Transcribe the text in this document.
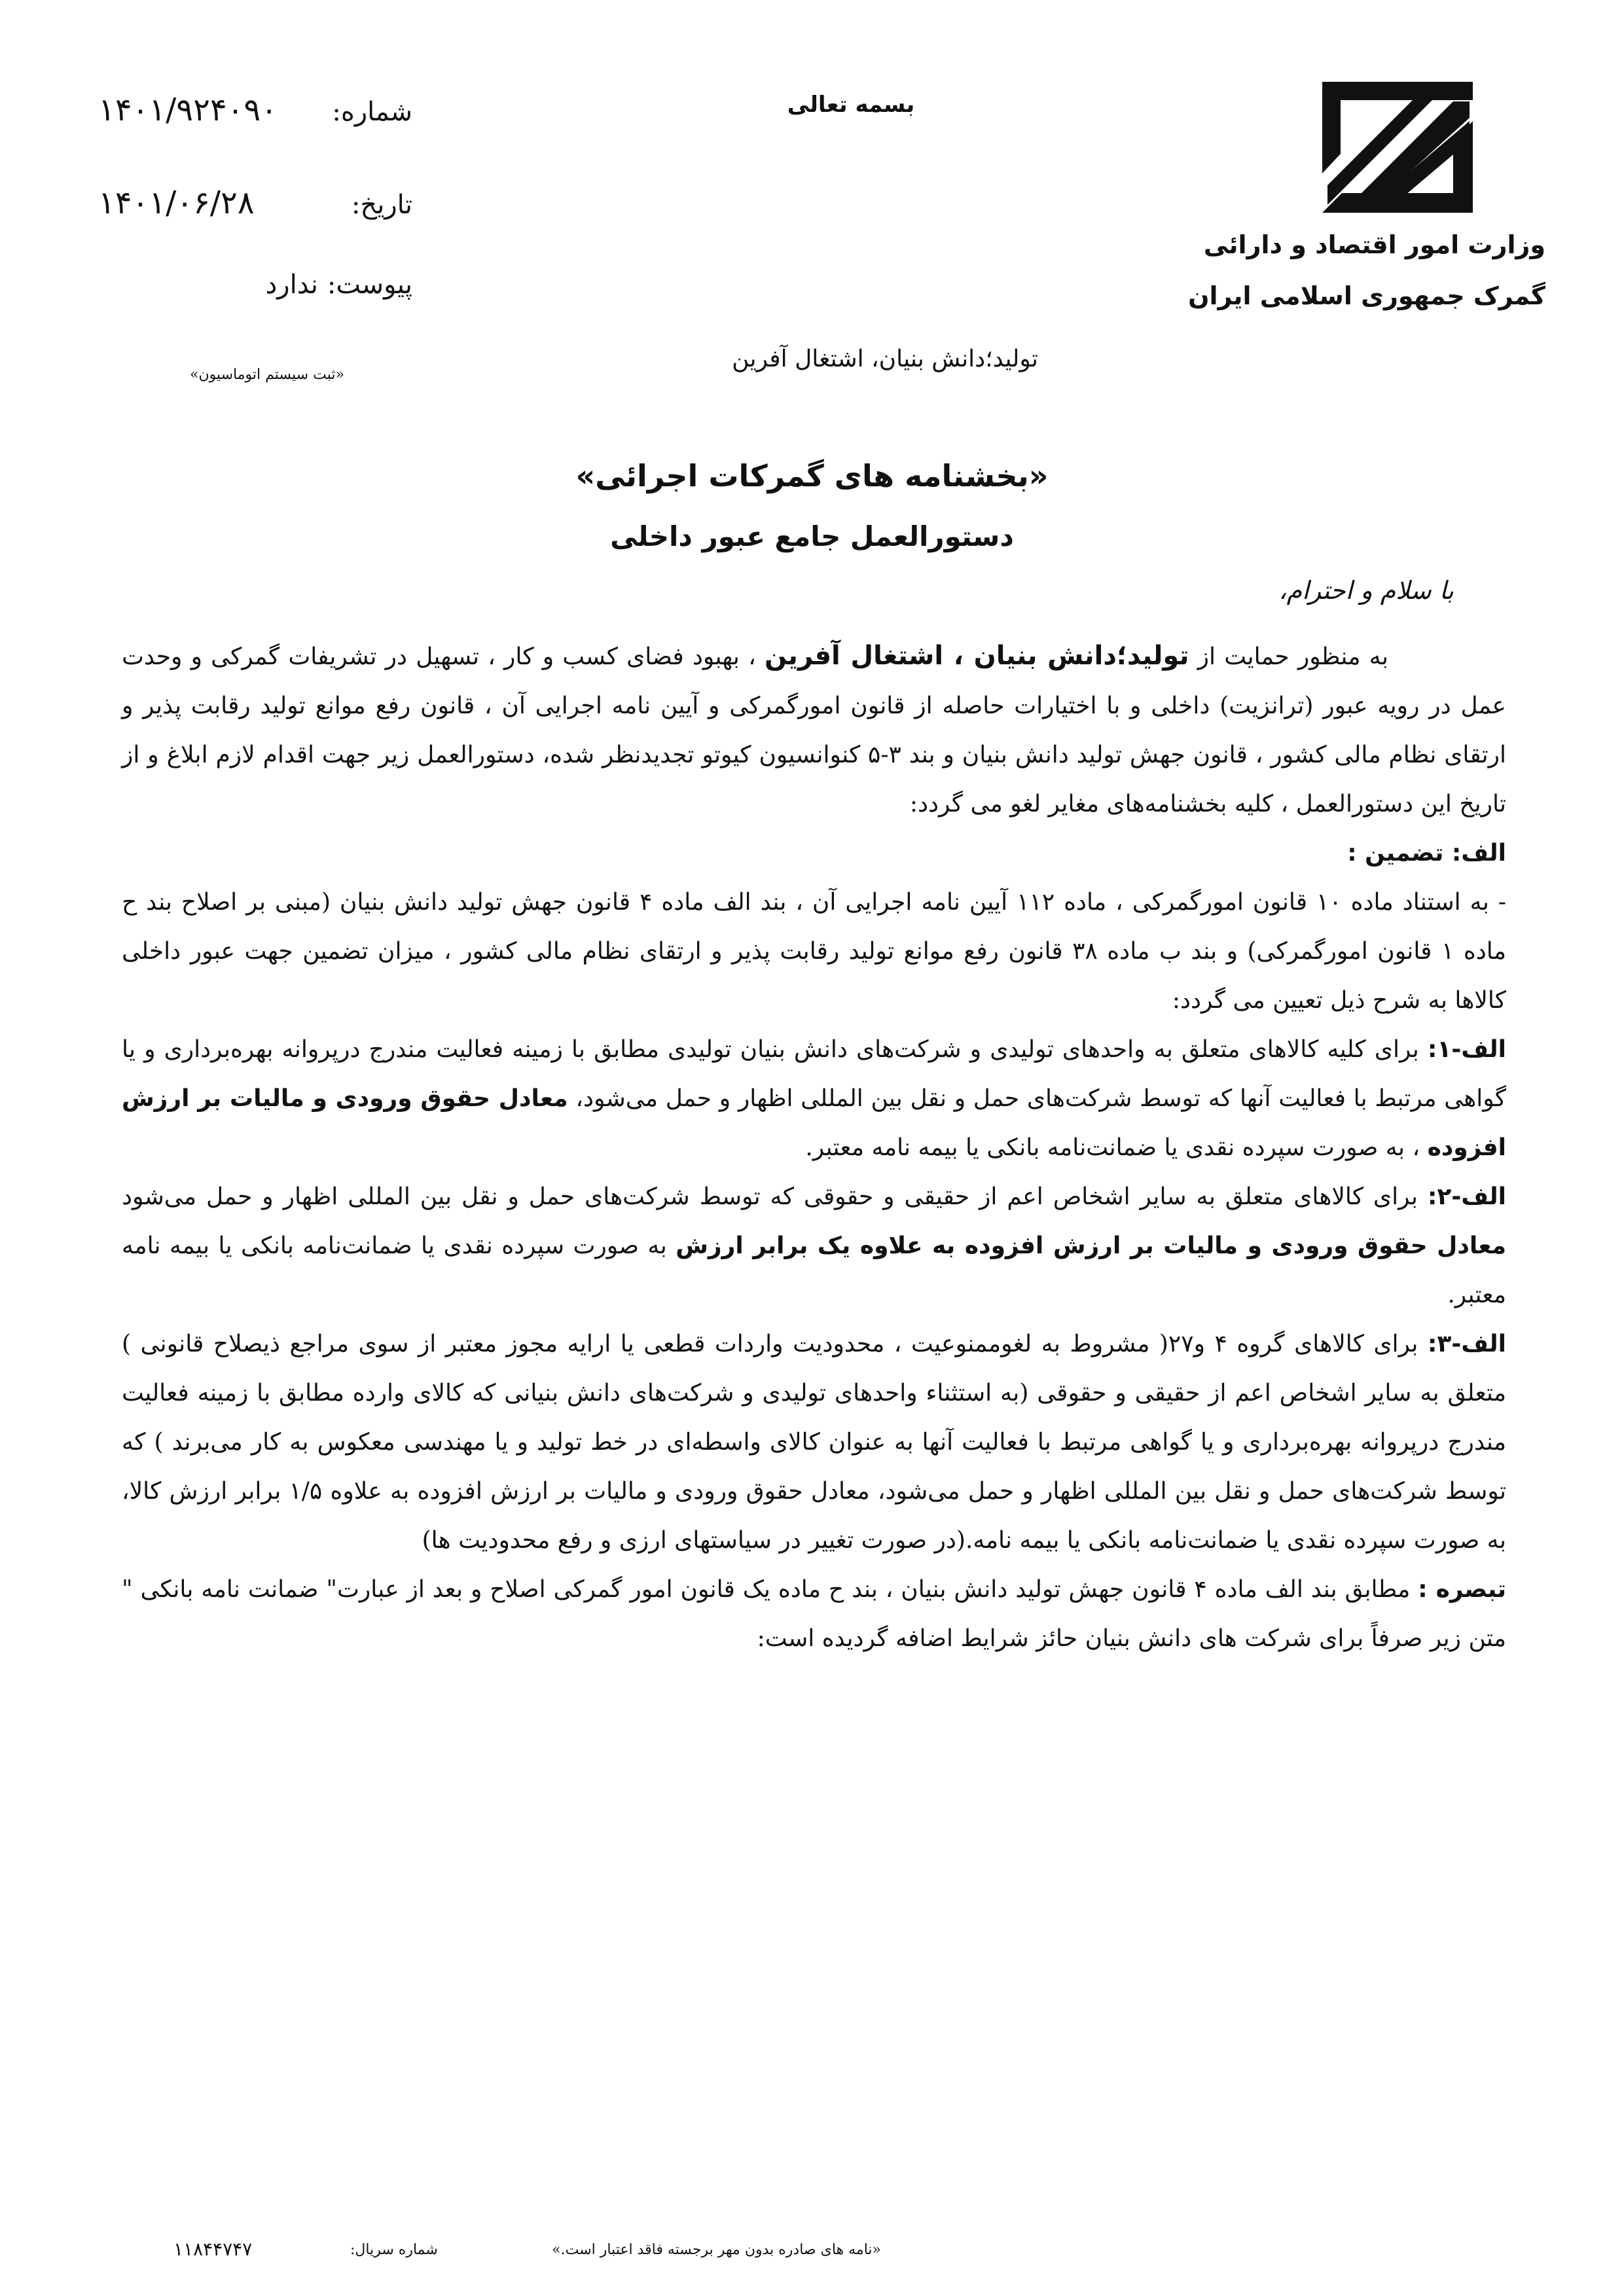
وزارت امور اقتصاد و دارائی
گمرک جمهوری اسلامی ایران
بسمه تعالی
شماره:
۱۴۰۱/۹۲۴۰۹۰
تاریخ:
۱۴۰۱/۰۶/۲۸
پیوست:
ندارد
«ثبت سیستم اتوماسیون»
تولید؛دانش بنیان، اشتغال آفرین
«بخشنامه های گمرکات اجرائی»
دستورالعمل جامع عبور داخلی
با سلام و احترام،

به منظور حمایت از تولید؛دانش بنیان ، اشتغال آفرین ، بهبود فضای کسب و کار ، تسهیل در تشریفات گمرکی و وحدت عمل در رویه عبور (ترانزیت) داخلی و با اختیارات حاصله از قانون امورگمرکی و آیین نامه اجرایی آن ، قانون رفع موانع تولید رقابت پذیر و ارتقای نظام مالی کشور ، قانون جهش تولید دانش بنیان و بند ۳-۵ کنوانسیون کیوتو تجدیدنظر شده، دستورالعمل زیر جهت اقدام لازم ابلاغ و از تاریخ این دستورالعمل ، کلیه بخشنامه‌های مغایر لغو می گردد:

الف: تضمین :

- به استناد ماده ۱۰ قانون امورگمرکی ، ماده ۱۱۲ آیین نامه اجرایی آن ، بند الف ماده ۴ قانون جهش تولید دانش بنیان (مبنی بر اصلاح بند ح ماده ۱ قانون امورگمرکی) و بند ب ماده ۳۸ قانون رفع موانع تولید رقابت پذیر و ارتقای نظام مالی کشور ، میزان تضمین جهت عبور داخلی کالاها به شرح ذیل تعیین می گردد:

الف-۱: برای کلیه کالاهای متعلق به واحدهای تولیدی و شرکت‌های دانش بنیان تولیدی مطابق با زمینه فعالیت مندرج درپروانه بهره‌برداری و یا گواهی مرتبط با فعالیت آنها که توسط شرکت‌های حمل و نقل بین المللی اظهار و حمل می‌شود، معادل حقوق ورودی و مالیات بر ارزش افزوده ، به صورت سپرده نقدی یا ضمانت‌نامه بانکی یا بیمه نامه معتبر.

الف-۲: برای کالاهای متعلق به سایر اشخاص اعم از حقیقی و حقوقی که توسط شرکت‌های حمل و نقل بین المللی اظهار و حمل می‌شود معادل حقوق ورودی و مالیات بر ارزش افزوده به علاوه یک برابر ارزش به صورت سپرده نقدی یا ضمانت‌نامه بانکی یا بیمه نامه معتبر.

الف-۳: برای کالاهای گروه ۴ و۲۷( مشروط به لغوممنوعیت ، محدودیت واردات قطعی یا ارایه مجوز معتبر از سوی مراجع ذیصلاح قانونی ) متعلق به سایر اشخاص اعم از حقیقی و حقوقی (به استثناء واحدهای تولیدی و شرکت‌های دانش بنیانی که کالای وارده مطابق با زمینه فعالیت مندرج درپروانه بهره‌برداری و یا گواهی مرتبط با فعالیت آنها به عنوان کالای واسطه‌ای در خط تولید و یا مهندسی معکوس به کار می‌برند ) که توسط شرکت‌های حمل و نقل بین المللی اظهار و حمل می‌شود، معادل حقوق ورودی و مالیات بر ارزش افزوده به علاوه ۱/۵ برابر ارزش کالا، به صورت سپرده نقدی یا ضمانت‌نامه بانکی یا بیمه نامه.(در صورت تغییر در سیاستهای ارزی و رفع محدودیت ها)

تبصره : مطابق بند الف ماده ۴ قانون جهش تولید دانش بنیان ، بند ح ماده یک قانون امور گمرکی اصلاح و بعد از عبارت" ضمانت نامه بانکی " متن زیر صرفاً برای شرکت های دانش بنیان حائز شرایط اضافه گردیده است:

«نامه های صادره بدون مهر برجسته فاقد اعتبار است.»
شماره سریال:
۱۱۸۴۴۷۴۷
